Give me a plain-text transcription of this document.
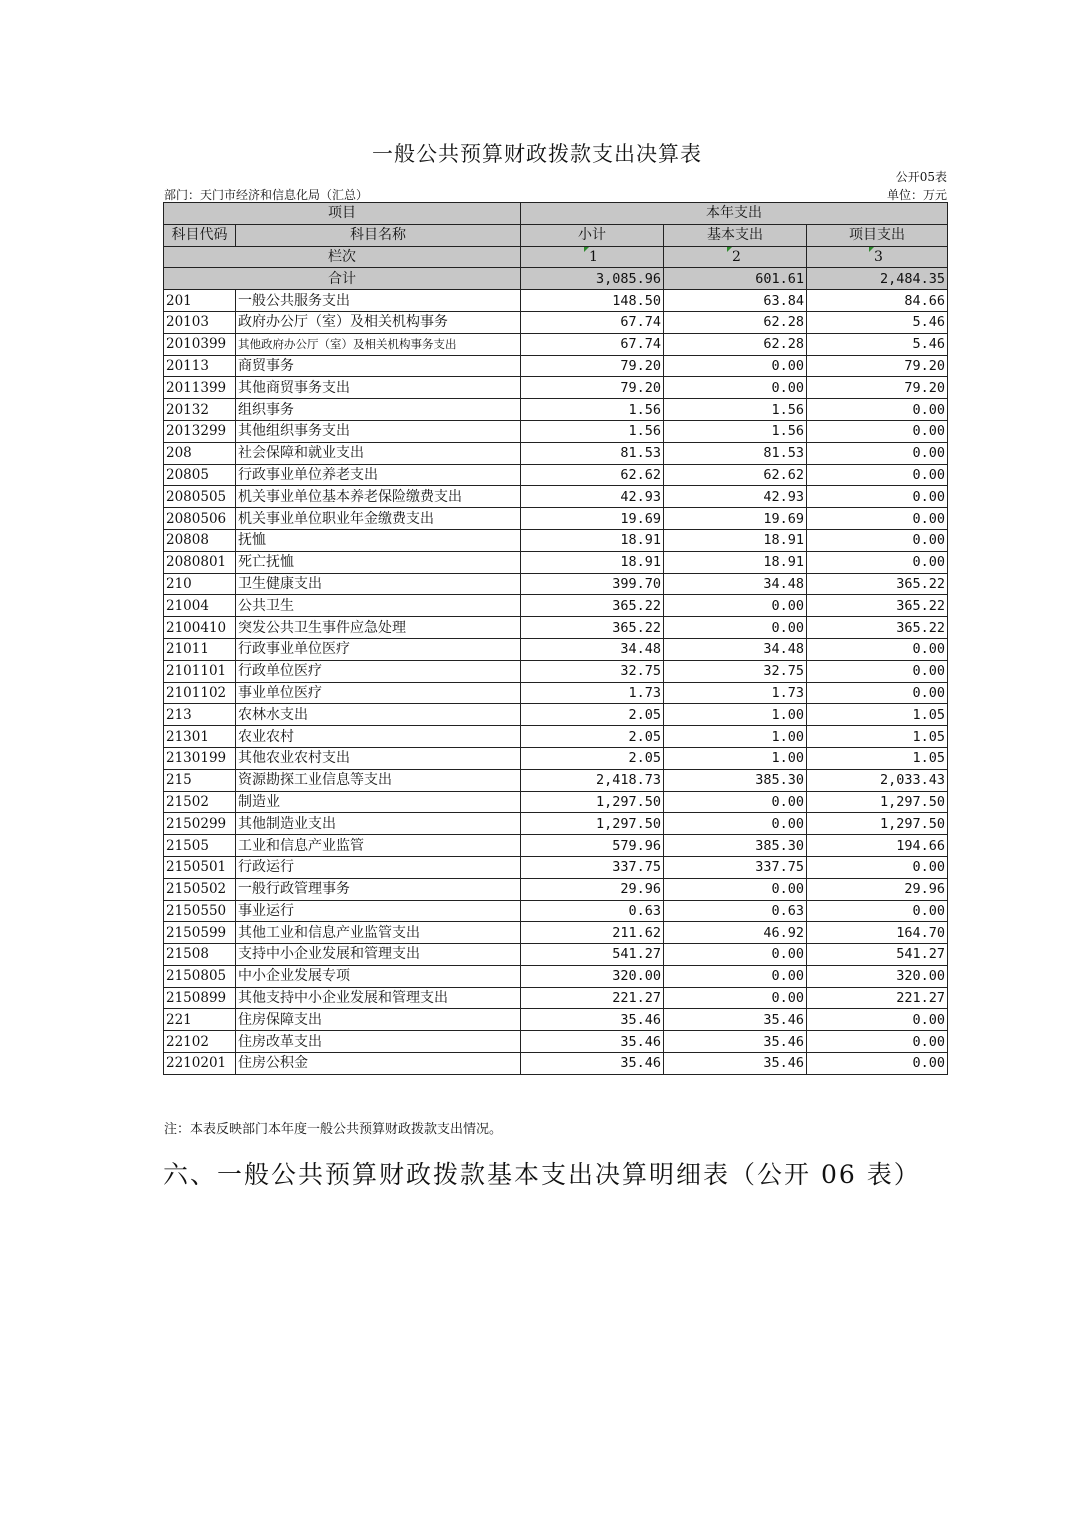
一般公共预算财政拨款支出决算表
公开05表
部门：天门市经济和信息化局（汇总）	单位：万元
项目		本年支出		
科目代码	科目名称	小计	基本支出	项目支出
栏次		1	2	3
合计		3,085.96	601.61	2,484.35
201	一般公共服务支出	148.50	63.84	84.66
20103	政府办公厅（室）及相关机构事务	67.74	62.28	5.46
2010399	其他政府办公厅（室）及相关机构事务支出	67.74	62.28	5.46
20113	商贸事务	79.20	0.00	79.20
2011399	其他商贸事务支出	79.20	0.00	79.20
20132	组织事务	1.56	1.56	0.00
2013299	其他组织事务支出	1.56	1.56	0.00
208	社会保障和就业支出	81.53	81.53	0.00
20805	行政事业单位养老支出	62.62	62.62	0.00
2080505	机关事业单位基本养老保险缴费支出	42.93	42.93	0.00
2080506	机关事业单位职业年金缴费支出	19.69	19.69	0.00
20808	抚恤	18.91	18.91	0.00
2080801	死亡抚恤	18.91	18.91	0.00
210	卫生健康支出	399.70	34.48	365.22
21004	公共卫生	365.22	0.00	365.22
2100410	突发公共卫生事件应急处理	365.22	0.00	365.22
21011	行政事业单位医疗	34.48	34.48	0.00
2101101	行政单位医疗	32.75	32.75	0.00
2101102	事业单位医疗	1.73	1.73	0.00
213	农林水支出	2.05	1.00	1.05
21301	农业农村	2.05	1.00	1.05
2130199	其他农业农村支出	2.05	1.00	1.05
215	资源勘探工业信息等支出	2,418.73	385.30	2,033.43
21502	制造业	1,297.50	0.00	1,297.50
2150299	其他制造业支出	1,297.50	0.00	1,297.50
21505	工业和信息产业监管	579.96	385.30	194.66
2150501	行政运行	337.75	337.75	0.00
2150502	一般行政管理事务	29.96	0.00	29.96
2150550	事业运行	0.63	0.63	0.00
2150599	其他工业和信息产业监管支出	211.62	46.92	164.70
21508	支持中小企业发展和管理支出	541.27	0.00	541.27
2150805	中小企业发展专项	320.00	0.00	320.00
2150899	其他支持中小企业发展和管理支出	221.27	0.00	221.27
221	住房保障支出	35.46	35.46	0.00
22102	住房改革支出	35.46	35.46	0.00
2210201	住房公积金	35.46	35.46	0.00
注：本表反映部门本年度一般公共预算财政拨款支出情况。
六、一般公共预算财政拨款基本支出决算明细表（公开 06 表）
